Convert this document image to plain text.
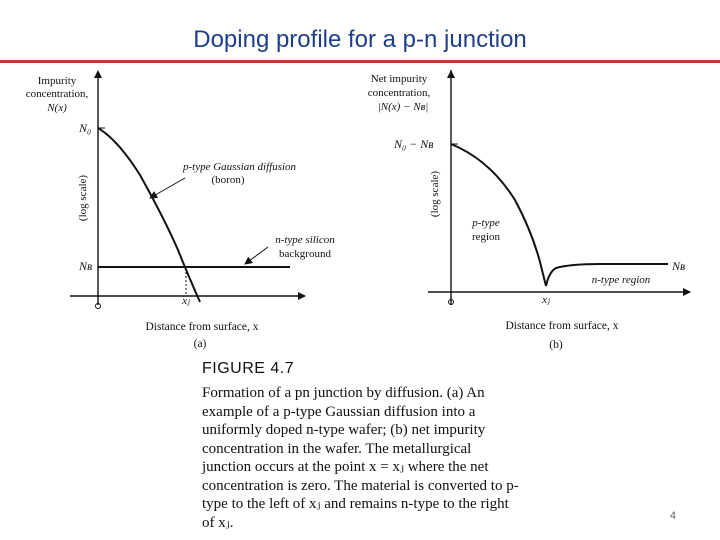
Doping profile for a p-n junction
Impurity
concentration,
N(x)
(log scale)
N₀
Nʙ
p-type Gaussian diffusion
(boron)
n-type silicon
background
xⱼ
Distance from surface, x
(a)
Net impurity
concentration,
|N(x) − Nʙ|
(log scale)
N₀ − Nʙ
p-type
region
n-type region
Nʙ
xⱼ
Distance from surface, x
(b)
FIGURE 4.7
Formation of a pn junction by diffusion. (a) An example of a p-type Gaussian diffusion into a uniformly doped n-type wafer; (b) net impurity concentration in the wafer. The metallurgical junction occurs at the point x = xⱼ where the net concentration is zero. The material is converted to p-type to the left of xⱼ and remains n-type to the right of xⱼ.	4
